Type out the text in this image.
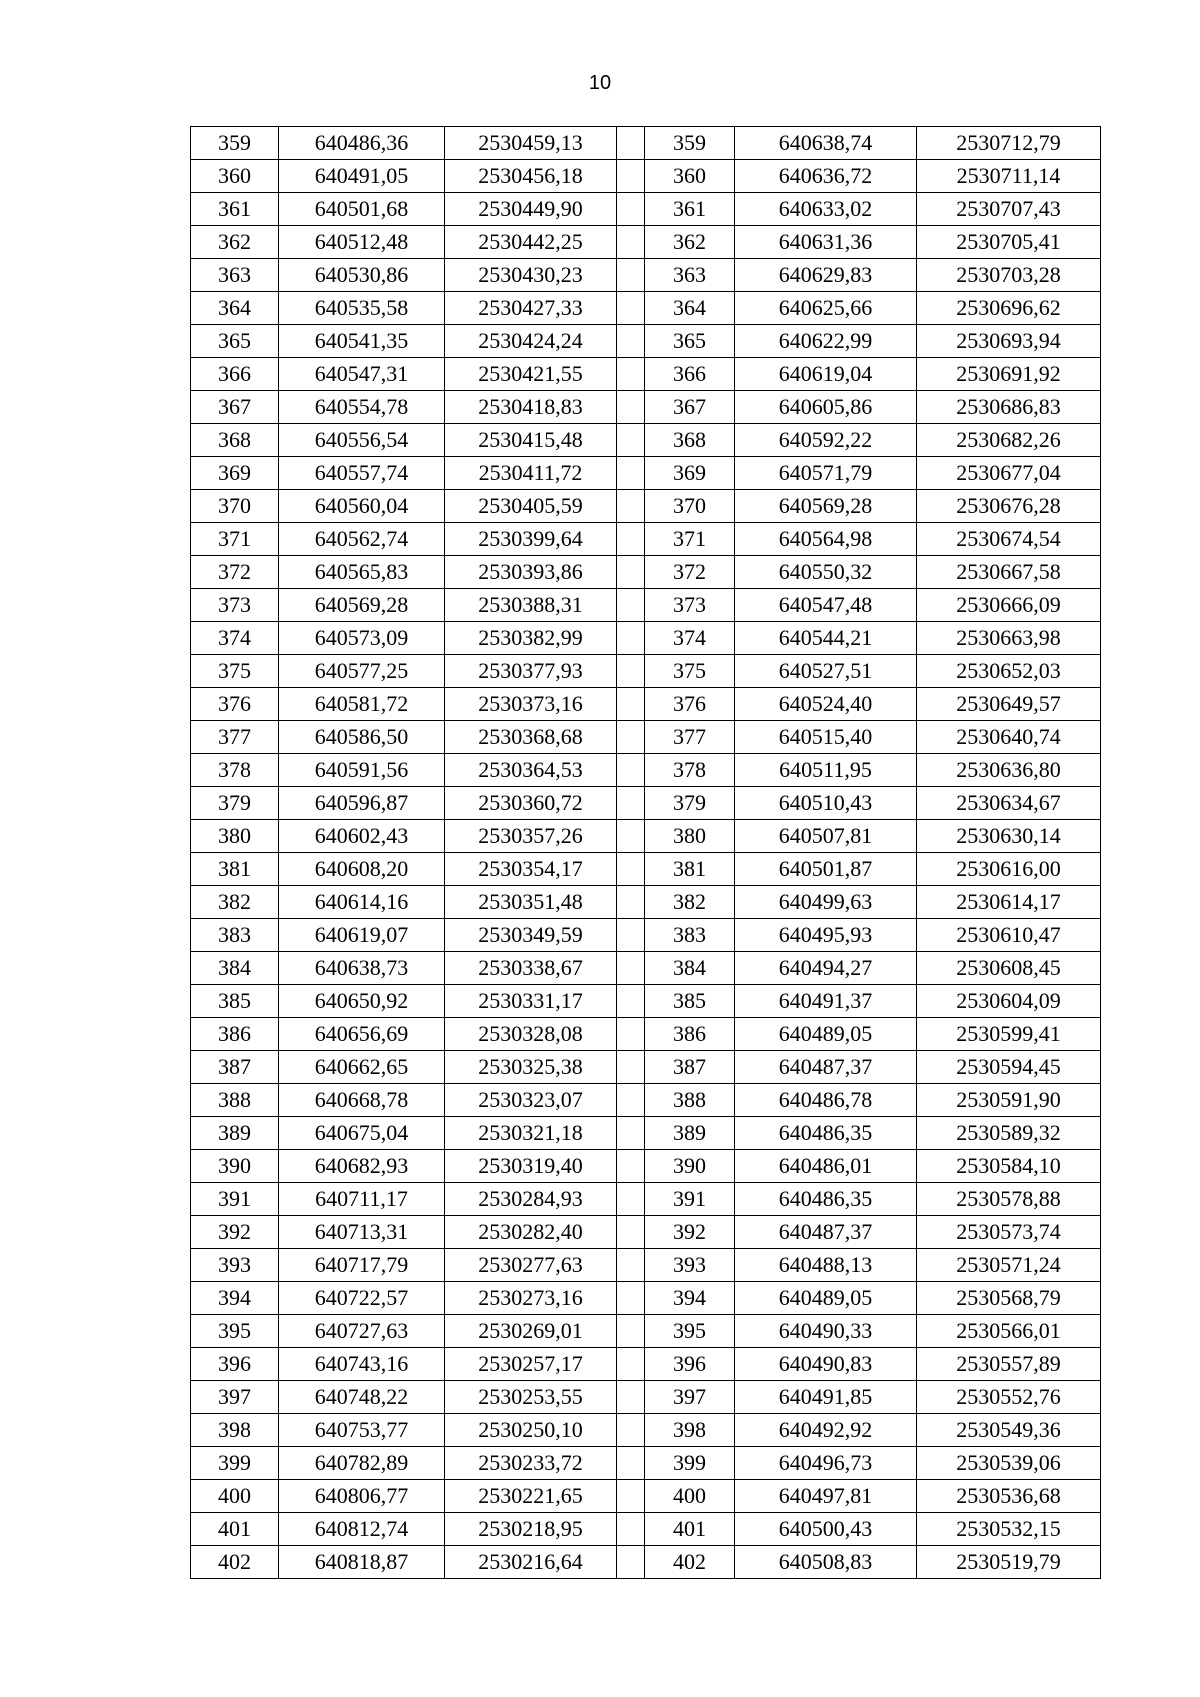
10
359	640486,36	2530459,13		359	640638,74	2530712,79
360	640491,05	2530456,18		360	640636,72	2530711,14
361	640501,68	2530449,90		361	640633,02	2530707,43
362	640512,48	2530442,25		362	640631,36	2530705,41
363	640530,86	2530430,23		363	640629,83	2530703,28
364	640535,58	2530427,33		364	640625,66	2530696,62
365	640541,35	2530424,24		365	640622,99	2530693,94
366	640547,31	2530421,55		366	640619,04	2530691,92
367	640554,78	2530418,83		367	640605,86	2530686,83
368	640556,54	2530415,48		368	640592,22	2530682,26
369	640557,74	2530411,72		369	640571,79	2530677,04
370	640560,04	2530405,59		370	640569,28	2530676,28
371	640562,74	2530399,64		371	640564,98	2530674,54
372	640565,83	2530393,86		372	640550,32	2530667,58
373	640569,28	2530388,31		373	640547,48	2530666,09
374	640573,09	2530382,99		374	640544,21	2530663,98
375	640577,25	2530377,93		375	640527,51	2530652,03
376	640581,72	2530373,16		376	640524,40	2530649,57
377	640586,50	2530368,68		377	640515,40	2530640,74
378	640591,56	2530364,53		378	640511,95	2530636,80
379	640596,87	2530360,72		379	640510,43	2530634,67
380	640602,43	2530357,26		380	640507,81	2530630,14
381	640608,20	2530354,17		381	640501,87	2530616,00
382	640614,16	2530351,48		382	640499,63	2530614,17
383	640619,07	2530349,59		383	640495,93	2530610,47
384	640638,73	2530338,67		384	640494,27	2530608,45
385	640650,92	2530331,17		385	640491,37	2530604,09
386	640656,69	2530328,08		386	640489,05	2530599,41
387	640662,65	2530325,38		387	640487,37	2530594,45
388	640668,78	2530323,07		388	640486,78	2530591,90
389	640675,04	2530321,18		389	640486,35	2530589,32
390	640682,93	2530319,40		390	640486,01	2530584,10
391	640711,17	2530284,93		391	640486,35	2530578,88
392	640713,31	2530282,40		392	640487,37	2530573,74
393	640717,79	2530277,63		393	640488,13	2530571,24
394	640722,57	2530273,16		394	640489,05	2530568,79
395	640727,63	2530269,01		395	640490,33	2530566,01
396	640743,16	2530257,17		396	640490,83	2530557,89
397	640748,22	2530253,55		397	640491,85	2530552,76
398	640753,77	2530250,10		398	640492,92	2530549,36
399	640782,89	2530233,72		399	640496,73	2530539,06
400	640806,77	2530221,65		400	640497,81	2530536,68
401	640812,74	2530218,95		401	640500,43	2530532,15
402	640818,87	2530216,64		402	640508,83	2530519,79
